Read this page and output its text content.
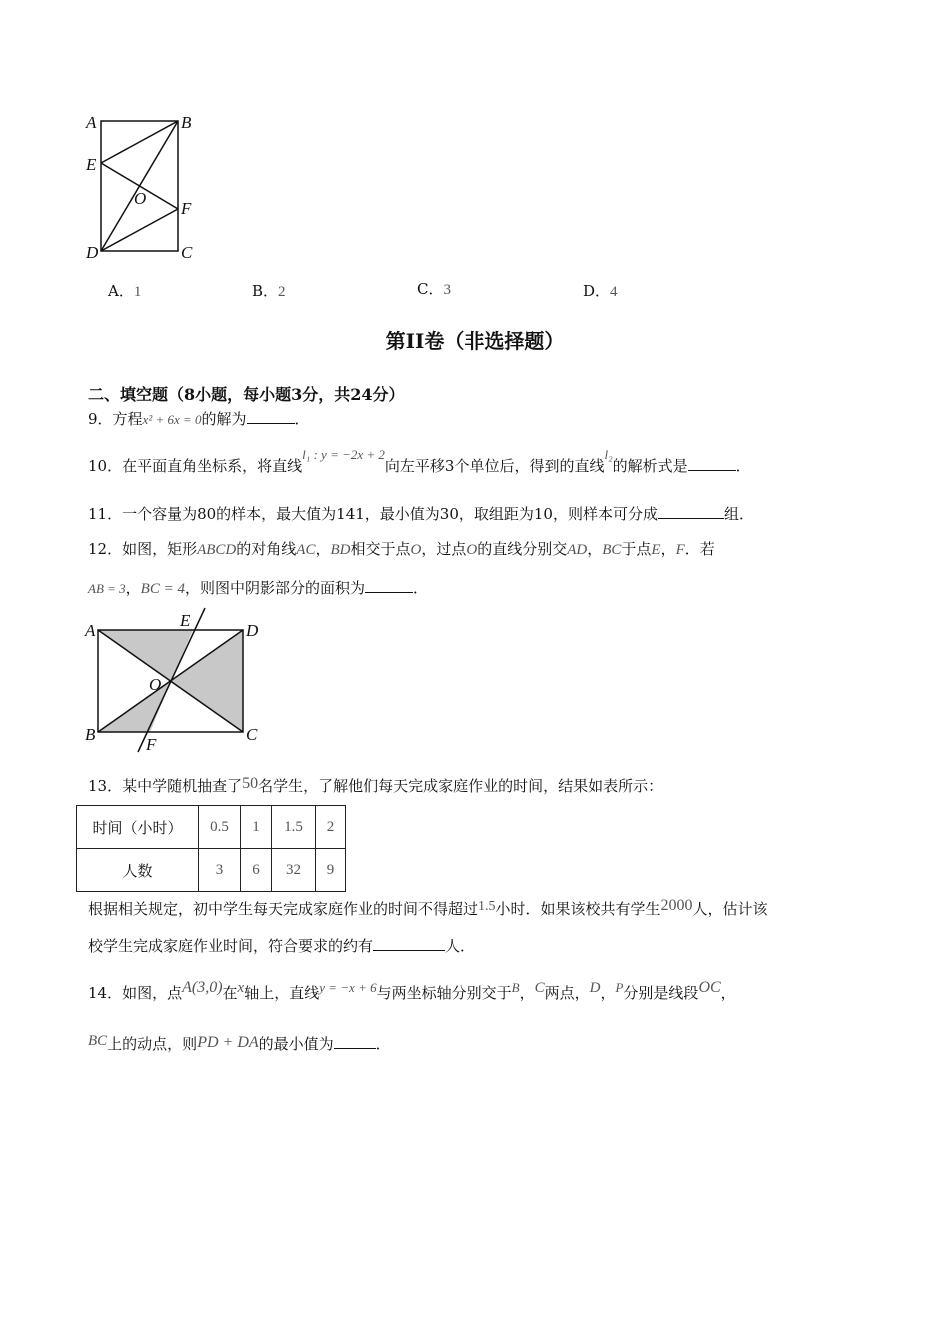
A	B
E
O
F
D	C
A．1	B．2	C．3	D．4
第II卷（非选择题）
二、填空题（8小题，每小题3分，共24分）
9．方程x² + 6x = 0的解为	．
10．在平面直角坐标系，将直线l₁ : y = −2x + 2向左平移3个单位后，得到的直线l₂的解析式是	．
11．一个容量为80的样本，最大值为141，最小值为30，取组距为10，则样本可分成	组．
12．如图，矩形ABCD的对角线AC，BD相交于点O，过点O的直线分别交AD，BC于点E，F．若
AB = 3，BC = 4，则图中阴影部分的面积为	．
A
E
D
O
B
F
C
13．某中学随机抽查了50名学生，了解他们每天完成家庭作业的时间，结果如表所示：
时间（小时）	0.5	1	1.5	2
人数	3	6	32	9
根据相关规定，初中学生每天完成家庭作业的时间不得超过1.5小时．如果该校共有学生2000人，估计该
校学生完成家庭作业时间，符合要求的约有	人．
14．如图，点A(3,0)在x轴上，直线y = −x + 6与两坐标轴分别交于B，C两点，D，P分别是线段OC，
BC上的动点，则PD + DA的最小值为	．
